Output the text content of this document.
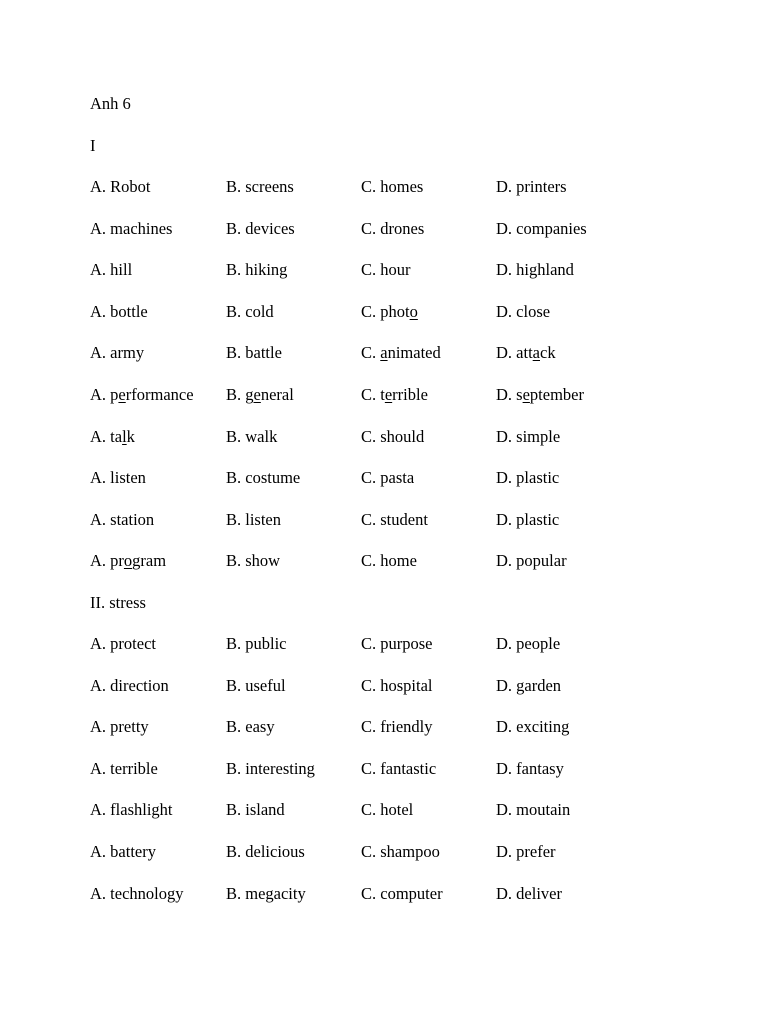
Anh 6
I
A. Robot	B. screens	C. homes	D. printers
A. machines	B. devices	C. drones	D. companies
A. hill	B. hiking	C. hour	D. highland
A. bottle	B. cold	C. photo	D. close
A. army	B. battle	C. animated	D. attack
A. performance B. general	C. terrible	D. september
A. talk	B. walk	C. should	D. simple
A. listen	B. costume	C. pasta	D. plastic
A. station	B. listen	C. student	D. plastic
A. program	B. show	C. home	D. popular
II. stress
A. protect	B. public	C. purpose	D. people
A. direction	B. useful	C. hospital	D. garden
A. pretty	B. easy	C. friendly	D. exciting
A. terrible	B. interesting	C. fantastic	D. fantasy
A. flashlight	B. island	C. hotel	D. moutain
A. battery	B. delicious	C. shampoo	D. prefer
A. technology	B. megacity	C. computer	D. deliver
